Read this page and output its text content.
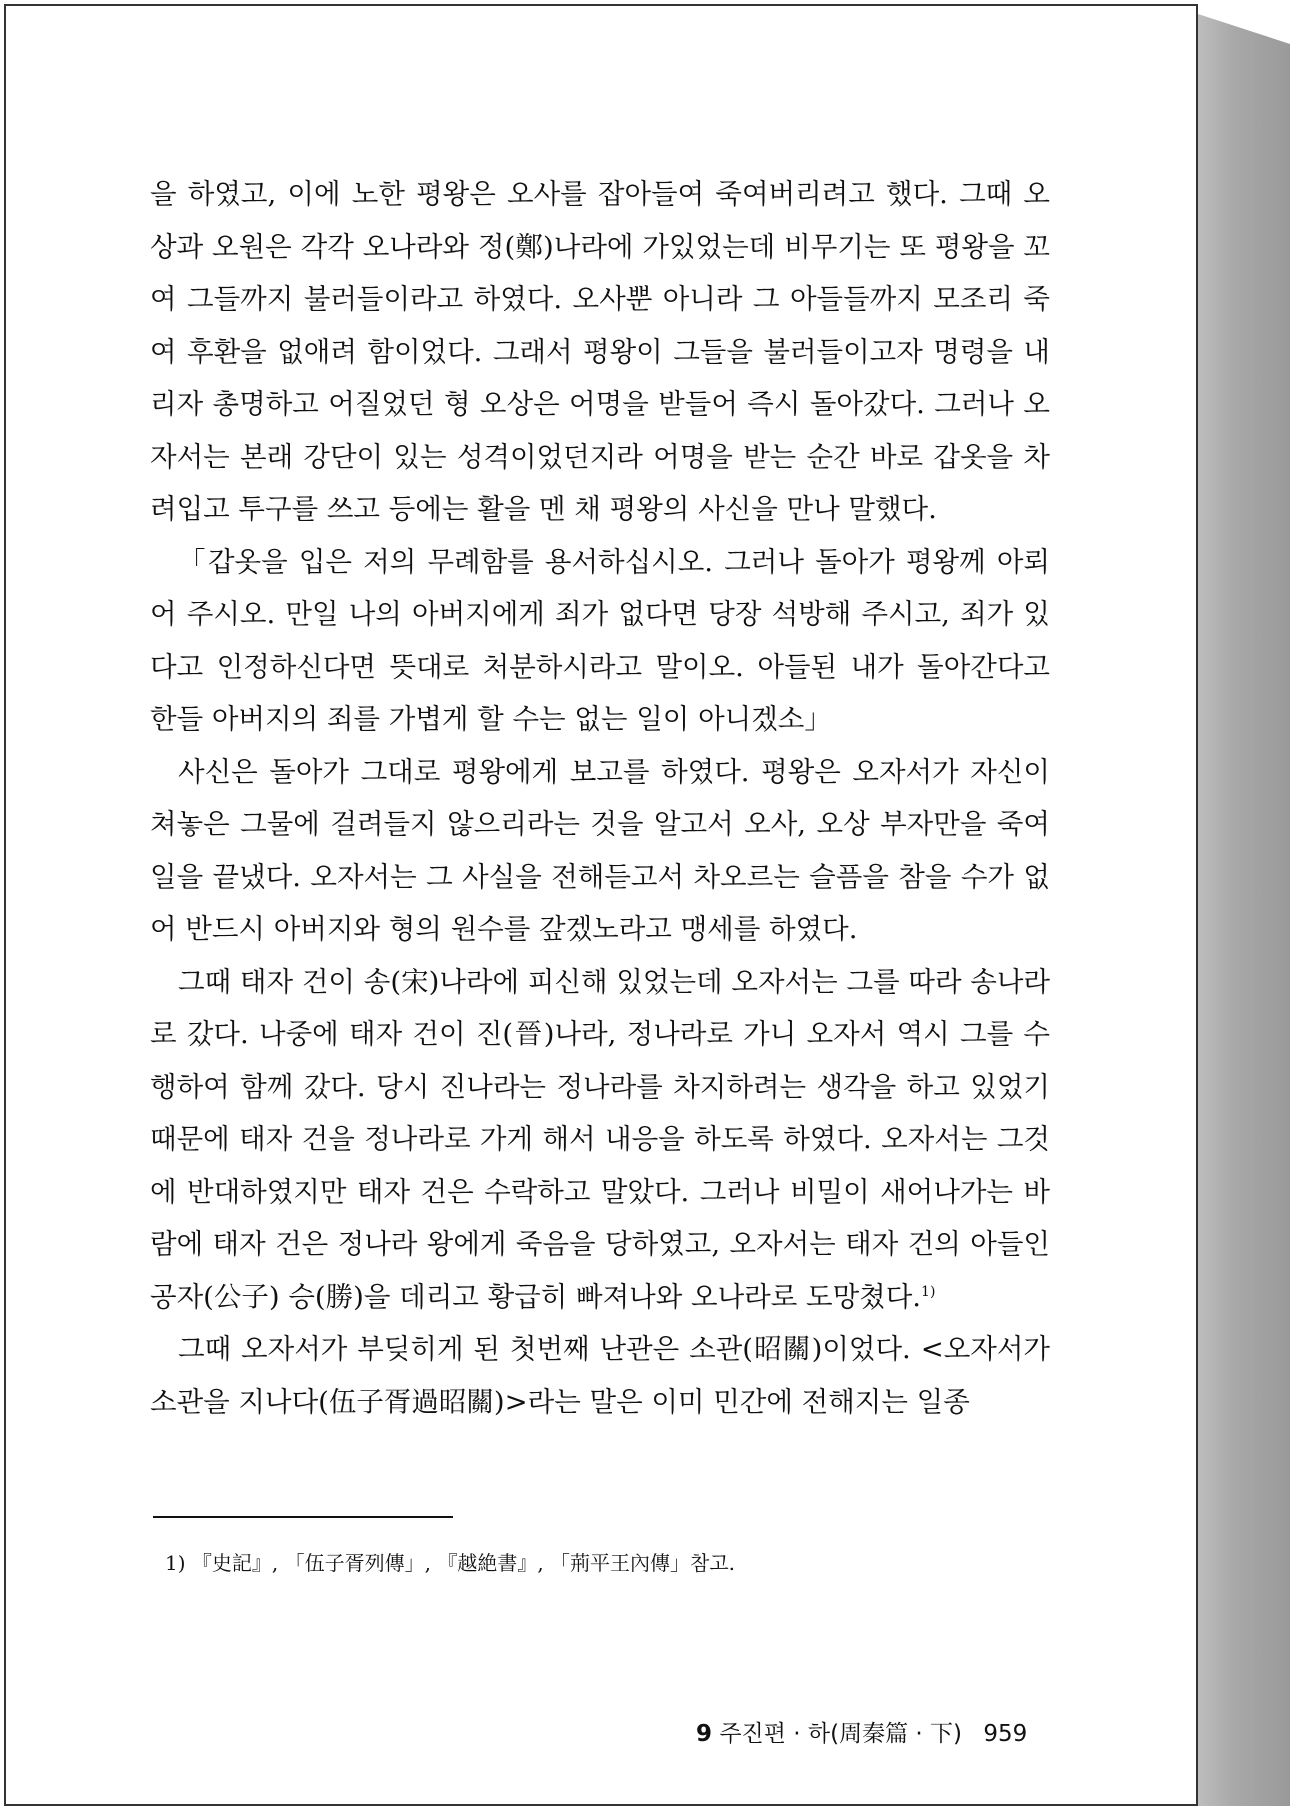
을 하였고, 이에 노한 평왕은 오사를 잡아들여 죽여버리려고 했다. 그때 오상과 오원은 각각 오나라와 정(鄭)나라에 가있었는데 비무기는 또 평왕을 꼬여 그들까지 불러들이라고 하였다. 오사뿐 아니라 그 아들들까지 모조리 죽여 후환을 없애려 함이었다. 그래서 평왕이 그들을 불러들이고자 명령을 내리자 총명하고 어질었던 형 오상은 어명을 받들어 즉시 돌아갔다. 그러나 오자서는 본래 강단이 있는 성격이었던지라 어명을 받는 순간 바로 갑옷을 차려입고 투구를 쓰고 등에는 활을 멘 채 평왕의 사신을 만나 말했다.

「갑옷을 입은 저의 무례함를 용서하십시오. 그러나 돌아가 평왕께 아뢰어 주시오. 만일 나의 아버지에게 죄가 없다면 당장 석방해 주시고, 죄가 있다고 인정하신다면 뜻대로 처분하시라고 말이오. 아들된 내가 돌아간다고 한들 아버지의 죄를 가볍게 할 수는 없는 일이 아니겠소」

사신은 돌아가 그대로 평왕에게 보고를 하였다. 평왕은 오자서가 자신이 쳐놓은 그물에 걸려들지 않으리라는 것을 알고서 오사, 오상 부자만을 죽여 일을 끝냈다. 오자서는 그 사실을 전해듣고서 차오르는 슬픔을 참을 수가 없어 반드시 아버지와 형의 원수를 갚겠노라고 맹세를 하였다.

그때 태자 건이 송(宋)나라에 피신해 있었는데 오자서는 그를 따라 송나라로 갔다. 나중에 태자 건이 진(晉)나라, 정나라로 가니 오자서 역시 그를 수행하여 함께 갔다. 당시 진나라는 정나라를 차지하려는 생각을 하고 있었기 때문에 태자 건을 정나라로 가게 해서 내응을 하도록 하였다. 오자서는 그것에 반대하였지만 태자 건은 수락하고 말았다. 그러나 비밀이 새어나가는 바람에 태자 건은 정나라 왕에게 죽음을 당하였고, 오자서는 태자 건의 아들인 공자(公子) 승(勝)을 데리고 황급히 빠져나와 오나라로 도망쳤다.$^{1)}$

그때 오자서가 부딪히게 된 첫번째 난관은 소관(昭關)이었다. <오자서가 소관을 지나다(伍子胥過昭關)>라는 말은 이미 민간에 전해지는 일종

1) 『史記』, 「伍子胥列傳」, 『越絶書』, 「荊平王內傳」참고.
9 주진편 · 하(周秦篇 · 下) 959
